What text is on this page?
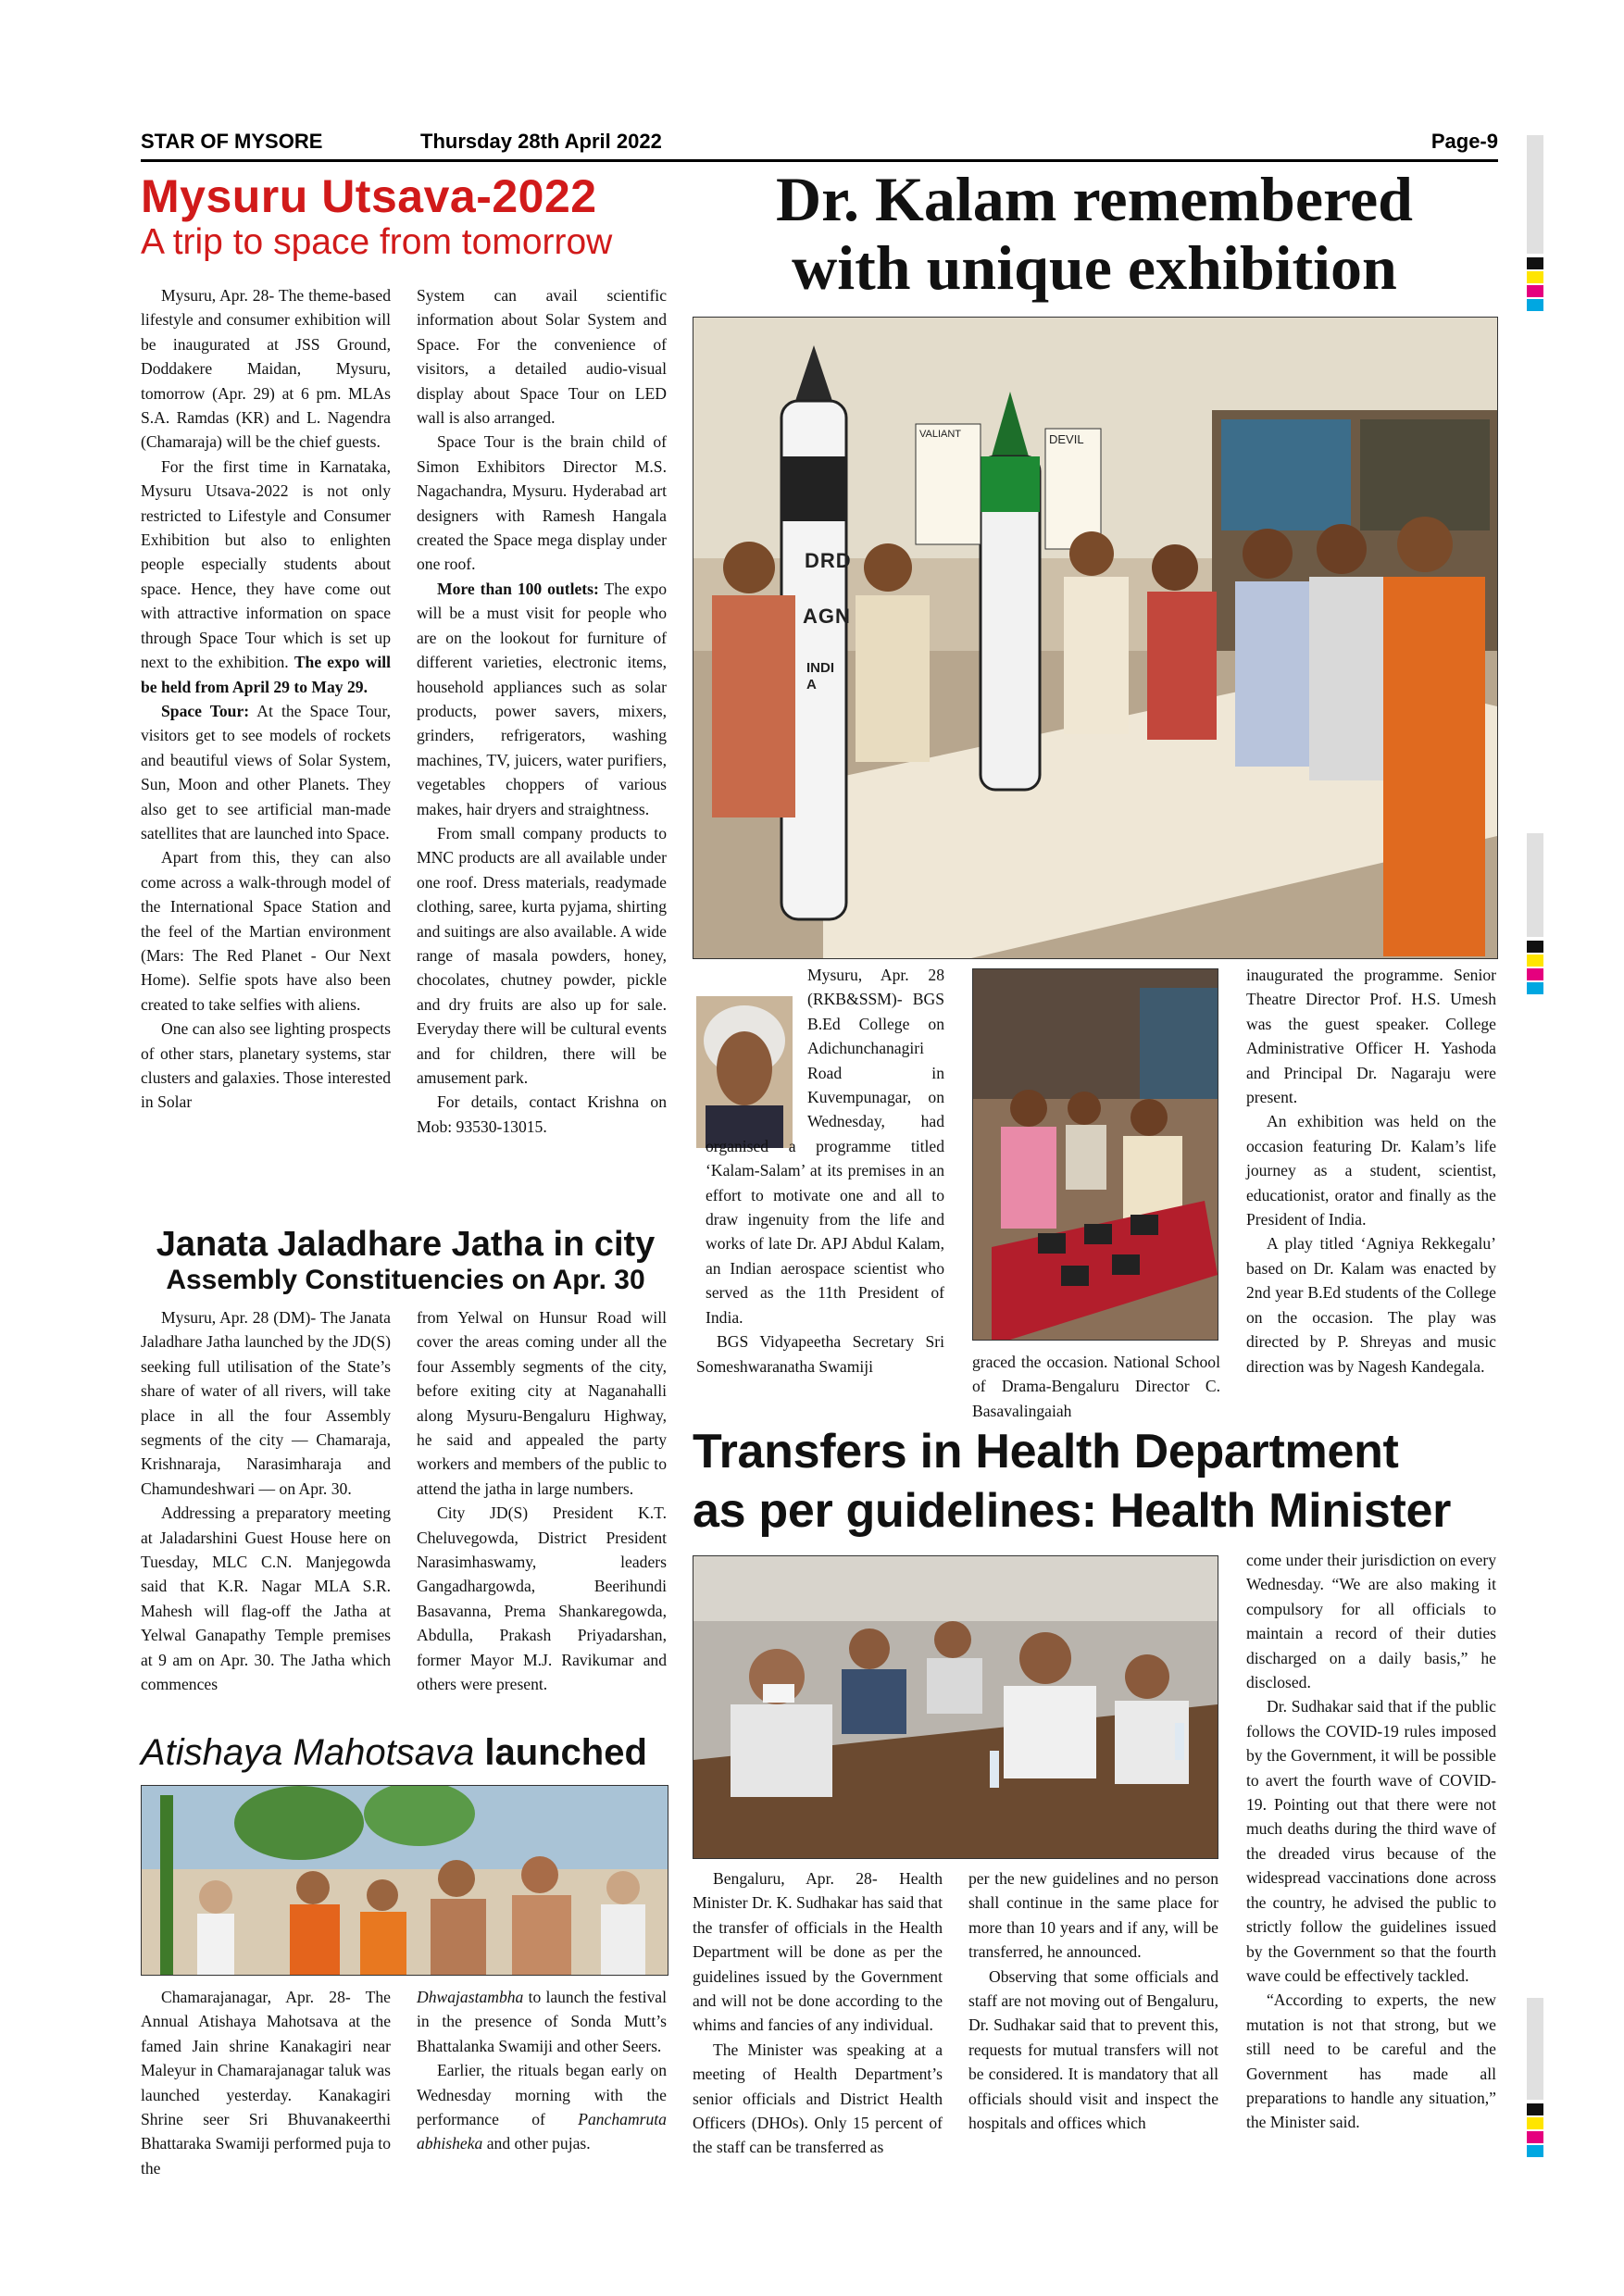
STAR OF MYSORE	Thursday 28th April 2022	Page-9
Mysuru Utsava-2022
A trip to space from tomorrow

Mysuru, Apr. 28- The theme-based lifestyle and consumer exhibition will be inaugurated at JSS Ground, Doddakere Maidan, Mysuru, tomorrow (Apr. 29) at 6 pm. MLAs S.A. Ramdas (KR) and L. Nagendra (Chamaraja) will be the chief guests.

For the first time in Karnataka, Mysuru Utsava-2022 is not only restricted to Lifestyle and Consumer Exhibition but also to enlighten people especially students about space. Hence, they have come out with attractive information on space through Space Tour which is set up next to the exhibition. The expo will be held from April 29 to May 29.

Space Tour: At the Space Tour, visitors get to see models of rockets and beautiful views of Solar System, Sun, Moon and other Planets. They also get to see artificial man-made satellites that are launched into Space.

Apart from this, they can also come across a walk-through model of the International Space Station and the feel of the Martian environment (Mars: The Red Planet - Our Next Home). Selfie spots have also been created to take selfies with aliens.

One can also see lighting prospects of other stars, planetary systems, star clusters and galaxies. Those interested in Solar

System can avail scientific information about Solar System and Space. For the convenience of visitors, a detailed audio-visual display about Space Tour on LED wall is also arranged.

Space Tour is the brain child of Simon Exhibitors Director M.S. Nagachandra, Mysuru. Hyderabad art designers with Ramesh Hangala created the Space mega display under one roof.

More than 100 outlets: The expo will be a must visit for people who are on the lookout for furniture of different varieties, electronic items, household appliances such as solar products, power savers, mixers, grinders, refrigerators, washing machines, TV, juicers, water purifiers, vegetables choppers of various makes, hair dryers and straightness.

From small company products to MNC products are all available under one roof. Dress materials, readymade clothing, saree, kurta pyjama, shirting and suitings are also available. A wide range of masala powders, honey, chocolates, chutney powder, pickle and dry fruits are also up for sale. Everyday there will be cultural events and for children, there will be amusement park.

For details, contact Krishna on Mob: 93530-13015.

Dr. Kalam remembered
with unique exhibition
DRD
AGN
INDIA
VALIANT	DEVIL

Mysuru, Apr. 28 (RKB&SSM)- BGS B.Ed College on Adichunchanagiri Road in Kuvempunagar, on Wednesday, had organised a programme titled ‘Kalam-Salam’ at its premises in an effort to motivate one and all to draw ingenuity from the life and works of late Dr. APJ Abdul Kalam, an Indian aerospace scientist who served as the 11th President of India.

BGS Vidyapeetha Secretary Sri Someshwaranatha Swamiji	graced the occasion. National School of Drama-Bengaluru Director C. Basavalingaiah

inaugurated the programme. Senior Theatre Director Prof. H.S. Umesh was the guest speaker. College Administrative Officer H. Yashoda and Principal Dr. Nagaraju were present.

An exhibition was held on the occasion featuring Dr. Kalam’s life journey as a student, scientist, educationist, orator and finally as the President of India.

A play titled ‘Agniya Rekkegalu’ based on Dr. Kalam was enacted by 2nd year B.Ed students of the College on the occasion. The play was directed by P. Shreyas and music direction was by Nagesh Kandegala.

Janata Jaladhare Jatha in city
Assembly Constituencies on Apr. 30

Mysuru, Apr. 28 (DM)- The Janata Jaladhare Jatha launched by the JD(S) seeking full utilisation of the State’s share of water of all rivers, will take place in all the four Assembly segments of the city — Chamaraja, Krishnaraja, Narasimharaja and Chamundeshwari — on Apr. 30.

Addressing a preparatory meeting at Jaladarshini Guest House here on Tuesday, MLC C.N. Manjegowda said that K.R. Nagar MLA S.R. Mahesh will flag-off the Jatha at Yelwal Ganapathy Temple premises at 9 am on Apr. 30. The Jatha which commences

from Yelwal on Hunsur Road will cover the areas coming under all the four Assembly segments of the city, before exiting city at Naganahalli along Mysuru-Bengaluru Highway, he said and appealed the party workers and members of the public to attend the jatha in large numbers.

City JD(S) President K.T. Cheluvegowda, District President Narasimhaswamy, leaders Gangadhargowda, Beerihundi Basavanna, Prema Shankaregowda, Abdulla, Prakash Priyadarshan, former Mayor M.J. Ravikumar and others were present.

Atishaya Mahotsava launched

Chamarajanagar, Apr. 28- The Annual Atishaya Mahotsava at the famed Jain shrine Kanakagiri near Maleyur in Chamarajanagar taluk was launched yesterday. Kanakagiri Shrine seer Sri Bhuvanakeerthi Bhattaraka Swamiji performed puja to the

Dhwajastambha to launch the festival in the presence of Sonda Mutt’s Bhattalanka Swamiji and other Seers.

Earlier, the rituals began early on Wednesday morning with the performance of Panchamruta abhisheka and other pujas.

Transfers in Health Department
as per guidelines: Health Minister

Bengaluru, Apr. 28- Health Minister Dr. K. Sudhakar has said that the transfer of officials in the Health Department will be done as per the guidelines issued by the Government and will not be done according to the whims and fancies of any individual.

The Minister was speaking at a meeting of Health Department’s senior officials and District Health Officers (DHOs). Only 15 percent of the staff can be transferred as

per the new guidelines and no person shall continue in the same place for more than 10 years and if any, will be transferred, he announced.

Observing that some officials and staff are not moving out of Bengaluru, Dr. Sudhakar said that to prevent this, requests for mutual transfers will not be considered. It is mandatory that all officials should visit and inspect the hospitals and offices which

come under their jurisdiction on every Wednesday. “We are also making it compulsory for all officials to maintain a record of their duties discharged on a daily basis,” he disclosed.

Dr. Sudhakar said that if the public follows the COVID-19 rules imposed by the Government, it will be possible to avert the fourth wave of COVID-19. Pointing out that there were not much deaths during the third wave of the dreaded virus because of the widespread vaccinations done across the country, he advised the public to strictly follow the guidelines issued by the Government so that the fourth wave could be effectively tackled.

“According to experts, the new mutation is not that strong, but we still need to be careful and the Government has made all preparations to handle any situation,” the Minister said.
